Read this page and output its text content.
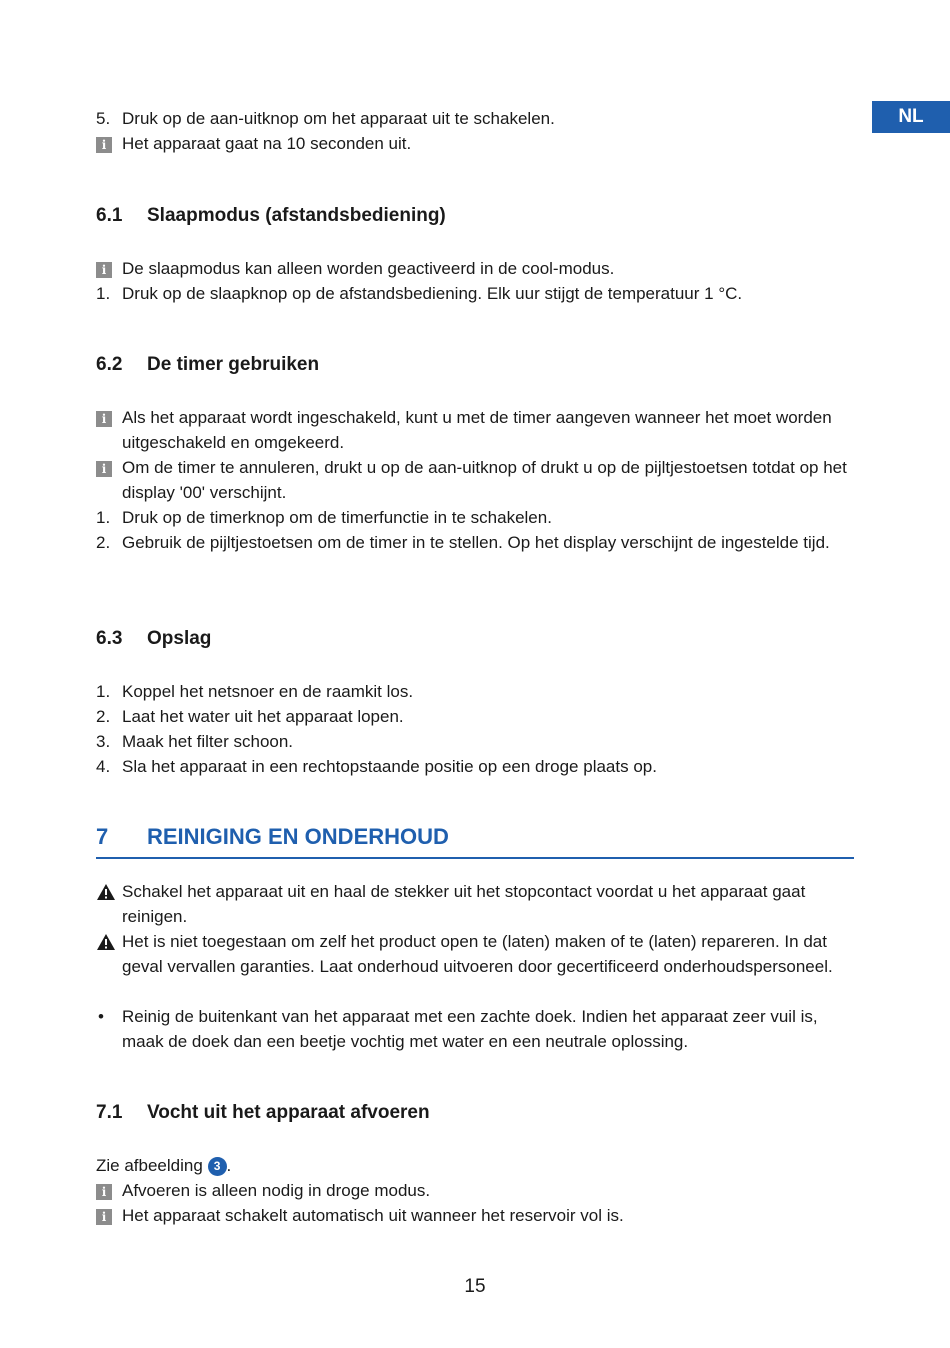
NL
5. Druk op de aan-uitknop om het apparaat uit te schakelen.
i Het apparaat gaat na 10 seconden uit.
6.1 Slaapmodus (afstandsbediening)
i De slaapmodus kan alleen worden geactiveerd in de cool-modus.
1. Druk op de slaapknop op de afstandsbediening. Elk uur stijgt de temperatuur 1 °C.
6.2 De timer gebruiken
i Als het apparaat wordt ingeschakeld, kunt u met de timer aangeven wanneer het moet worden uitgeschakeld en omgekeerd.
i Om de timer te annuleren, drukt u op de aan-uitknop of drukt u op de pijltjestoetsen totdat op het display '00' verschijnt.
1. Druk op de timerknop om de timerfunctie in te schakelen.
2. Gebruik de pijltjestoetsen om de timer in te stellen. Op het display verschijnt de ingestelde tijd.
6.3 Opslag
1. Koppel het netsnoer en de raamkit los.
2. Laat het water uit het apparaat lopen.
3. Maak het filter schoon.
4. Sla het apparaat in een rechtopstaande positie op een droge plaats op.
7 REINIGING EN ONDERHOUD
Schakel het apparaat uit en haal de stekker uit het stopcontact voordat u het apparaat gaat reinigen.
Het is niet toegestaan om zelf het product open te (laten) maken of te (laten) repareren. In dat geval vervallen garanties. Laat onderhoud uitvoeren door gecertificeerd onderhoudspersoneel.
•	Reinig de buitenkant van het apparaat met een zachte doek. Indien het apparaat zeer vuil is, maak de doek dan een beetje vochtig met water en een neutrale oplossing.
7.1 Vocht uit het apparaat afvoeren
Zie afbeelding 3 .
i Afvoeren is alleen nodig in droge modus.
i Het apparaat schakelt automatisch uit wanneer het reservoir vol is.
15
